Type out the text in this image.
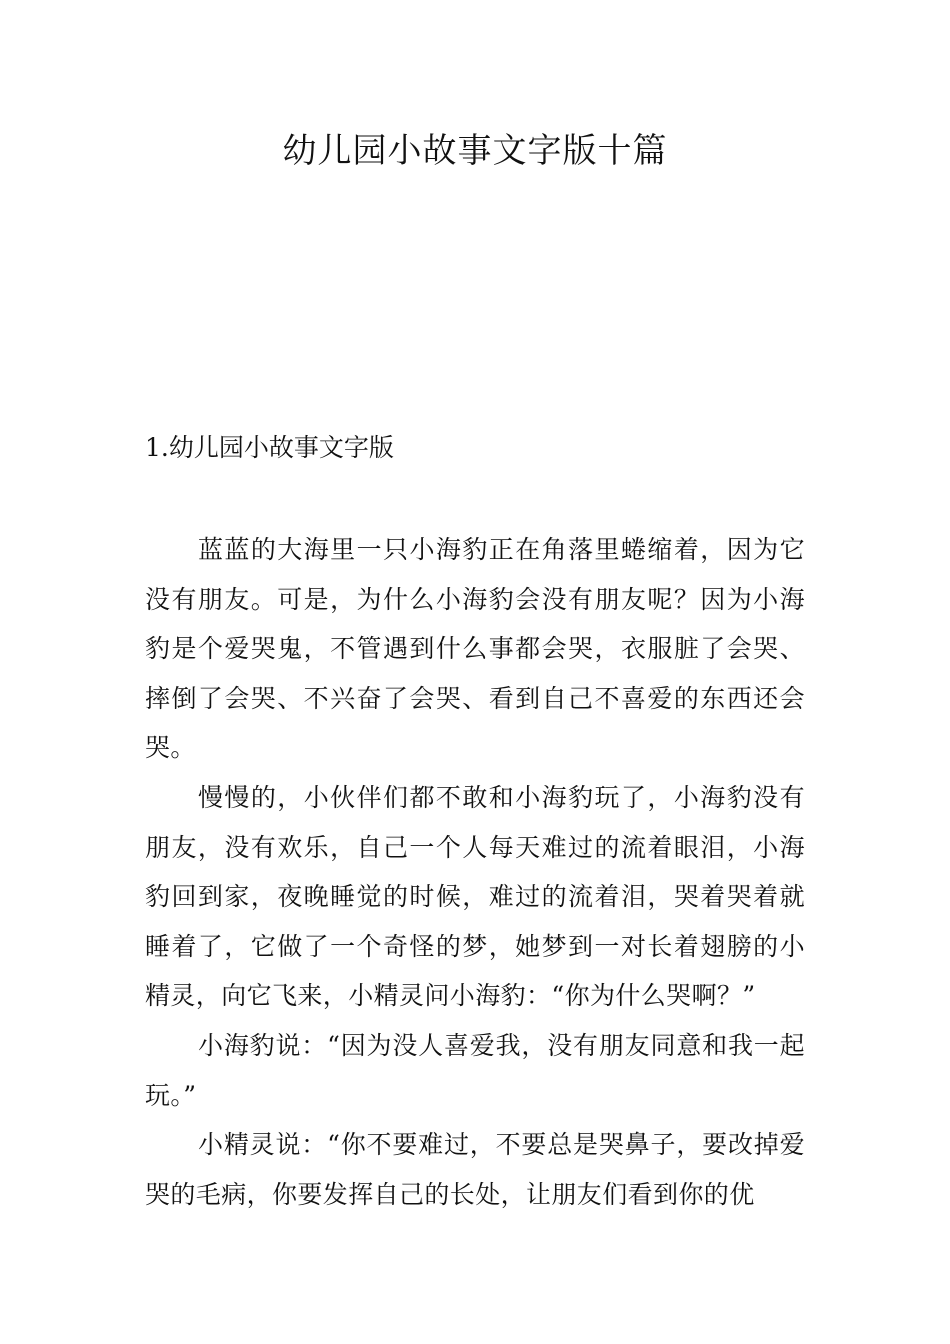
幼儿园小故事文字版十篇
1.幼儿园小故事文字版

蓝蓝的大海里一只小海豹正在角落里蜷缩着，因为它没有朋友。可是，为什么小海豹会没有朋友呢？因为小海豹是个爱哭鬼，不管遇到什么事都会哭，衣服脏了会哭、摔倒了会哭、不兴奋了会哭、看到自己不喜爱的东西还会哭。

慢慢的，小伙伴们都不敢和小海豹玩了，小海豹没有朋友，没有欢乐，自己一个人每天难过的流着眼泪，小海豹回到家，夜晚睡觉的时候，难过的流着泪，哭着哭着就睡着了，它做了一个奇怪的梦，她梦到一对长着翅膀的小精灵，向它飞来，小精灵问小海豹：“你为什么哭啊？”

小海豹说：“因为没人喜爱我，没有朋友同意和我一起玩。”

小精灵说：“你不要难过，不要总是哭鼻子，要改掉爱哭的毛病，你要发挥自己的长处，让朋友们看到你的优
